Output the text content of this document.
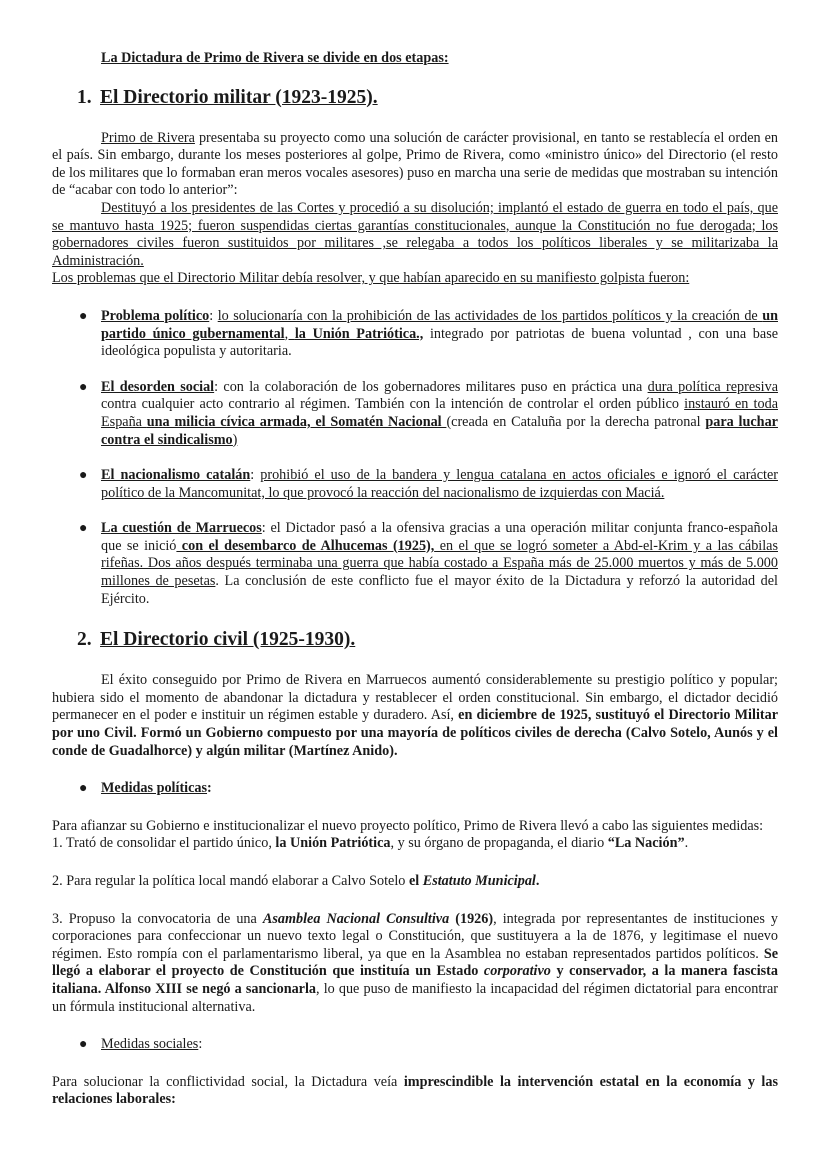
La Dictadura de Primo de Rivera se divide en dos etapas:

1. El Directorio militar (1923-1925).

Primo de Rivera presentaba su proyecto como una solución de carácter provisional, en tanto se restablecía el orden en el país. Sin embargo, durante los meses posteriores al golpe, Primo de Rivera, como «ministro único» del Directorio (el resto de los militares que lo formaban eran meros vocales asesores) puso en marcha una serie de medidas que mostraban su intención de “acabar con todo lo anterior”:

Destituyó a los presidentes de las Cortes y procedió a su disolución; implantó el estado de guerra en todo el país, que se mantuvo hasta 1925; fueron suspendidas ciertas garantías constitucionales, aunque la Constitución no fue derogada; los gobernadores civiles fueron sustituidos por militares ,se relegaba a todos los políticos liberales y se militarizaba la Administración.

Los problemas que el Directorio Militar debía resolver, y que habían aparecido en su manifiesto golpista fueron:

● Problema político: lo solucionaría con la prohibición de las actividades de los partidos políticos y la creación de un partido único gubernamental, la Unión Patriótica., integrado por patriotas de buena voluntad , con una base ideológica populista y autoritaria.
● El desorden social: con la colaboración de los gobernadores militares puso en práctica una dura política represiva contra cualquier acto contrario al régimen. También con la intención de controlar el orden público instauró en toda España una milicia cívica armada, el Somatén Nacional (creada en Cataluña por la derecha patronal para luchar contra el sindicalismo)
● El nacionalismo catalán: prohibió el uso de la bandera y lengua catalana en actos oficiales e ignoró el carácter político de la Mancomunitat, lo que provocó la reacción del nacionalismo de izquierdas con Maciá.
● La cuestión de Marruecos: el Dictador pasó a la ofensiva gracias a una operación militar conjunta franco-española que se inició con el desembarco de Alhucemas (1925), en el que se logró someter a Abd-el-Krim y a las cábilas rifeñas. Dos años después terminaba una guerra que había costado a España más de 25.000 muertos y más de 5.000 millones de pesetas. La conclusión de este conflicto fue el mayor éxito de la Dictadura y reforzó la autoridad del Ejército.
2. El Directorio civil (1925-1930).

El éxito conseguido por Primo de Rivera en Marruecos aumentó considerablemente su prestigio político y popular; hubiera sido el momento de abandonar la dictadura y restablecer el orden constitucional. Sin embargo, el dictador decidió permanecer en el poder e instituir un régimen estable y duradero. Así, en diciembre de 1925, sustituyó el Directorio Militar por uno Civil. Formó un Gobierno compuesto por una mayoría de políticos civiles de derecha (Calvo Sotelo, Aunós y el conde de Guadalhorce) y algún militar (Martínez Anido).

● Medidas políticas:

Para afianzar su Gobierno e institucionalizar el nuevo proyecto político, Primo de Rivera llevó a cabo las siguientes medidas:

1. Trató de consolidar el partido único, la Unión Patriótica, y su órgano de propaganda, el diario “La Nación”.

2. Para regular la política local mandó elaborar a Calvo Sotelo el Estatuto Municipal.

3. Propuso la convocatoria de una Asamblea Nacional Consultiva (1926), integrada por representantes de instituciones y corporaciones para confeccionar un nuevo texto legal o Constitución, que sustituyera a la de 1876, y legitimase el nuevo régimen. Esto rompía con el parlamentarismo liberal, ya que en la Asamblea no estaban representados partidos políticos. Se llegó a elaborar el proyecto de Constitución que instituía un Estado corporativo y conservador, a la manera fascista italiana. Alfonso XIII se negó a sancionarla, lo que puso de manifiesto la incapacidad del régimen dictatorial para encontrar un fórmula institucional alternativa.

● Medidas sociales:

Para solucionar la conflictividad social, la Dictadura veía imprescindible la intervención estatal en la economía y las relaciones laborales:
